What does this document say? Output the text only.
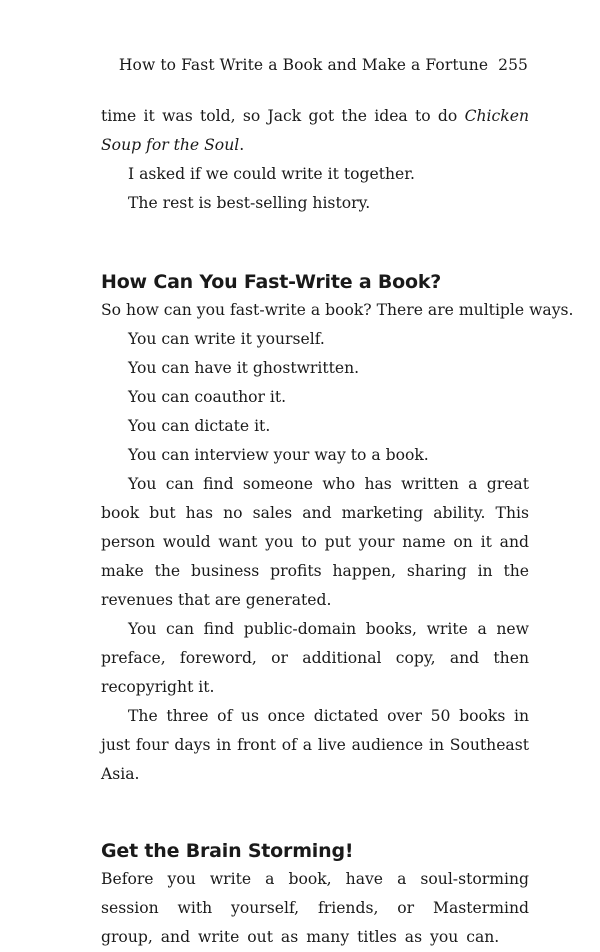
How to Fast Write a Book and Make a Fortune 255

time it was told, so Jack got the idea to do Chicken Soup for the Soul.

I asked if we could write it together.

The rest is best-selling history.

How Can You Fast-Write a Book?

So how can you fast-write a book? There are multiple ways.

You can write it yourself.

You can have it ghostwritten.

You can coauthor it.

You can dictate it.

You can interview your way to a book.

You can find someone who has written a great book but has no sales and marketing ability. This person would want you to put your name on it and make the business profits happen, sharing in the revenues that are generated.

You can find public-domain books, write a new preface, foreword, or additional copy, and then recopyright it.

The three of us once dictated over 50 books in just four days in front of a live audience in Southeast Asia.

Get the Brain Storming!

Before you write a book, have a soul-storming session with yourself, friends, or Mastermind group, and write out as many titles as you can.
